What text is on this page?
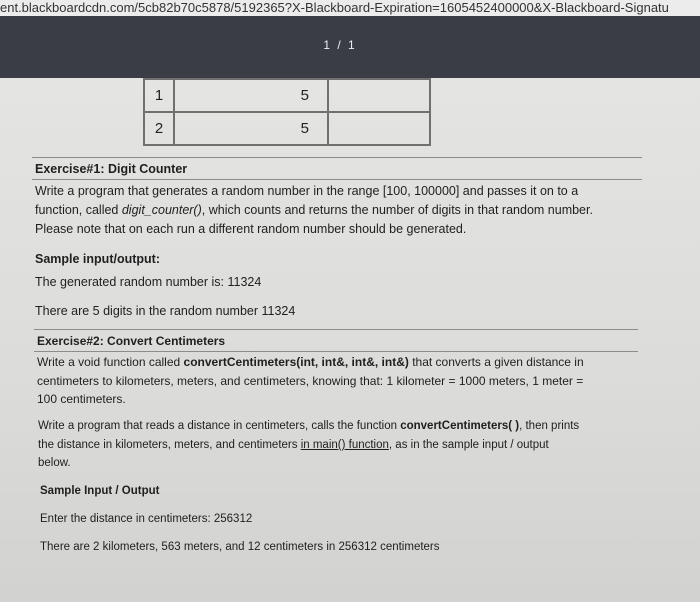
ent.blackboardcdn.com/5cb82b70c5878/5192365?X-Blackboard-Expiration=1605452400000&X-Blackboard-Signatu
1 / 1
1	5	
2	5	
Exercise#1: Digit Counter
Write a program that generates a random number in the range [100, 100000] and passes it on to a
function, called digit_counter(), which counts and returns the number of digits in that random number.
Please note that on each run a different random number should be generated.
Sample input/output:
The generated random number is: 11324
There are 5 digits in the random number 11324
Exercise#2: Convert Centimeters
Write a void function called convertCentimeters(int, int&, int&, int&) that converts a given distance in
centimeters to kilometers, meters, and centimeters, knowing that: 1 kilometer = 1000 meters, 1 meter =
100 centimeters.
Write a program that reads a distance in centimeters, calls the function convertCentimeters( ), then prints
the distance in kilometers, meters, and centimeters in main() function, as in the sample input / output
below.
Sample Input / Output
Enter the distance in centimeters: 256312
There are 2 kilometers, 563 meters, and 12 centimeters in 256312 centimeters
